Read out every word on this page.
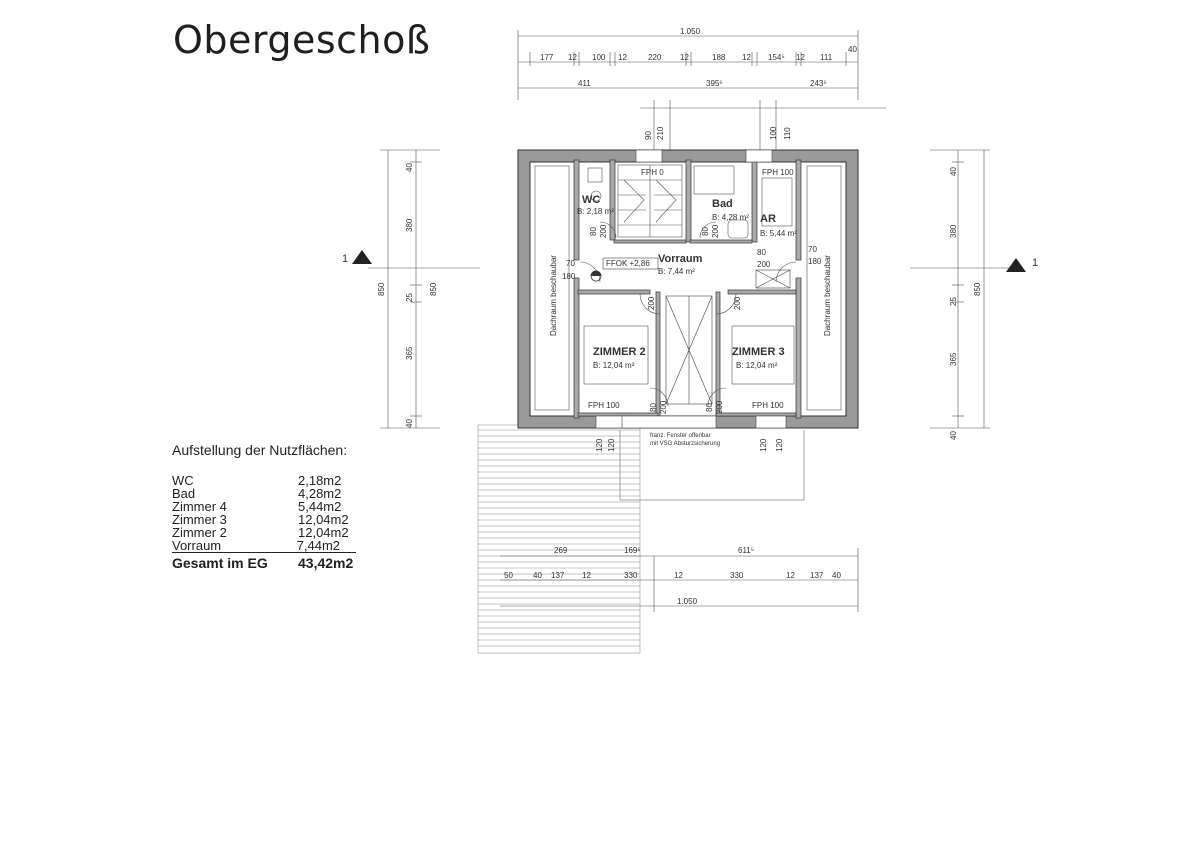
Obergeschoß
1	1
WC
B: 2,18 m²
Bad
B: 4,28 m² AR
B: 5,44 m²
Vorraum
B: 7,44 m²
ZIMMER 2
B: 12,04 m²
ZIMMER 3
B: 12,04 m²
Dachraum beschaubar	Dachraum beschaubar
FFOK +2,86
FPH 0	FPH 100
FPH 100	FPH 100
franz. Fenster offenbar
mit VSG Absturzsicherung
70
180
70
180
80
200
80 200	80 200
200	200
80 200	80 200
120 120	120 120
1.050
177 12 100 12	220 12	188 12 154⁵ 12 111
40
411	395⁵	243⁵
90 210	100 110
850	850
40
380
25
365
40
850
40
380
25
365
40
269	169⁵	611⁵
50	40 137 12	330	12	330	12 137 40
1.050
Aufstellung der Nutzflächen:
WC	2,18m2
Bad	4,28m2
Zimmer 4	5,44m2
Zimmer 3	12,04m2
Zimmer 2	12,04m2
Vorraum	7,44m2
Gesamt im EG	43,42m2
